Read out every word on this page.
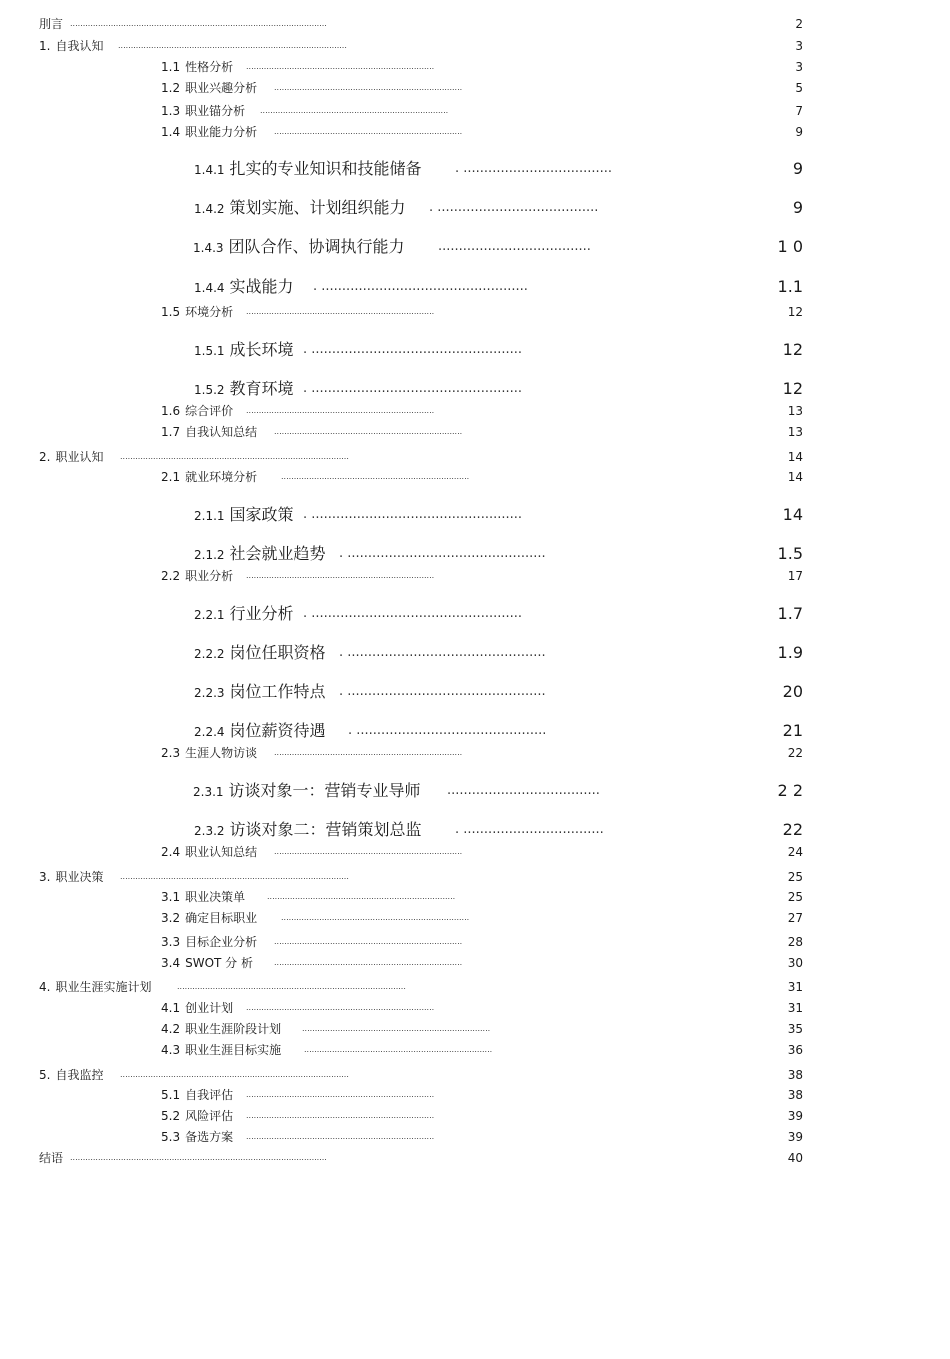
刖言 .....................................................................................................	2
1. 自我认知 ..........................................................................................	3
1.1 性格分析 ..........................................................................	3
1.2 职业兴趣分析 ..........................................................................	5
1.3 职业锚分析 ..........................................................................	7
1.4 职业能力分析 ..........................................................................	9
1.4.1 扎实的专业知识和技能储备	. ....................................	9
1.4.2 策划实施、计划组织能力 . .......................................	9
1.4.3 团队合作、协调执行能力	.....................................	1 0
1.4.4 实战能力 . ..................................................	1.1
1.5 环境分析 ..........................................................................	12
1.5.1 成长环境 . ...................................................	12
1.5.2 教育环境 . ...................................................	12
1.6 综合评价 ..........................................................................	13
1.7 自我认知总结 ..........................................................................	13
2. 职业认知 ..........................................................................................	14
2.1 就业环境分析	..........................................................................	14
2.1.1 国家政策 . ...................................................	14
2.1.2 社会就业趋势 . ................................................	1.5
2.2 职业分析 ..........................................................................	17
2.2.1 行业分析 . ...................................................	1.7
2.2.2 岗位任职资格 . ................................................	1.9
2.2.3 岗位工作特点 . ................................................	20
2.2.4 岗位薪资待遇 . ..............................................	21
2.3 生涯人物访谈 ..........................................................................	22
2.3.1 访谈对象一：营销专业导师 .....................................	2 2
2.3.2 访谈对象二：营销策划总监	. ..................................	22
2.4 职业认知总结 ..........................................................................	24
3. 职业决策 ..........................................................................................	25
3.1 职业决策单	..........................................................................	25
3.2 确定目标职业	..........................................................................	27
3.3 目标企业分析 ..........................................................................	28
3.4 SWOT 分 析	..........................................................................	30
4. 职业生涯实施计划	..........................................................................................	31
4.1 创业计划 ..........................................................................	31
4.2 职业生涯阶段计划	..........................................................................	35
4.3 职业生涯目标实施	..........................................................................	36
5. 自我监控 ..........................................................................................	38
5.1 自我评估 ..........................................................................	38
5.2 风险评估 ..........................................................................	39
5.3 备选方案 ..........................................................................	39
结语 .....................................................................................................	40
